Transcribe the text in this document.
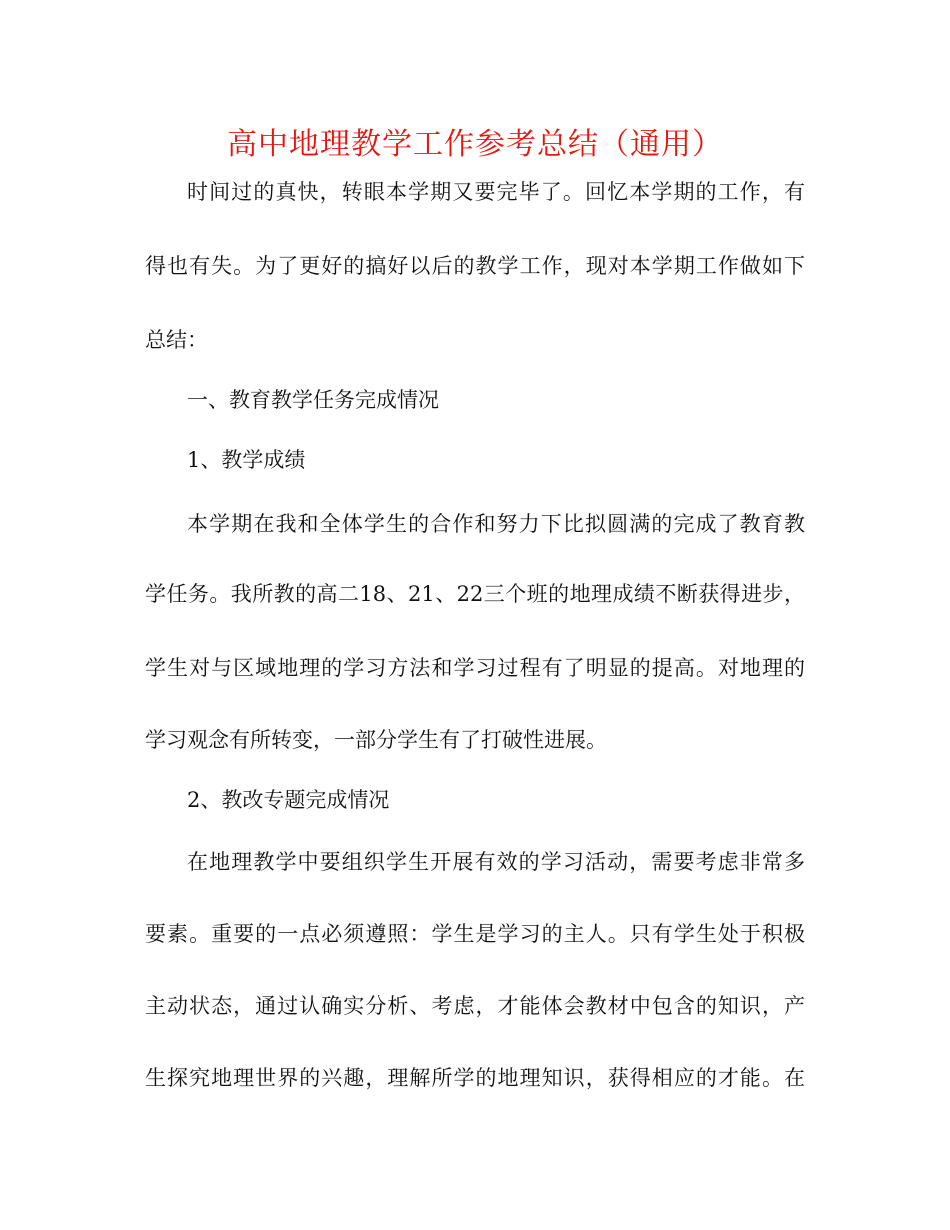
高中地理教学工作参考总结（通用）
时间过的真快，转眼本学期又要完毕了。回忆本学期的工作，有
得也有失。为了更好的搞好以后的教学工作，现对本学期工作做如下
总结：
一、教育教学任务完成情况
1、教学成绩
本学期在我和全体学生的合作和努力下比拟圆满的完成了教育教
学任务。我所教的高二18、21、22三个班的地理成绩不断获得进步，
学生对与区域地理的学习方法和学习过程有了明显的提高。对地理的
学习观念有所转变，一部分学生有了打破性进展。
2、教改专题完成情况
在地理教学中要组织学生开展有效的学习活动，需要考虑非常多
要素。重要的一点必须遵照：学生是学习的主人。只有学生处于积极
主动状态，通过认确实分析、考虑，才能体会教材中包含的知识，产
生探究地理世界的兴趣，理解所学的地理知识，获得相应的才能。在
